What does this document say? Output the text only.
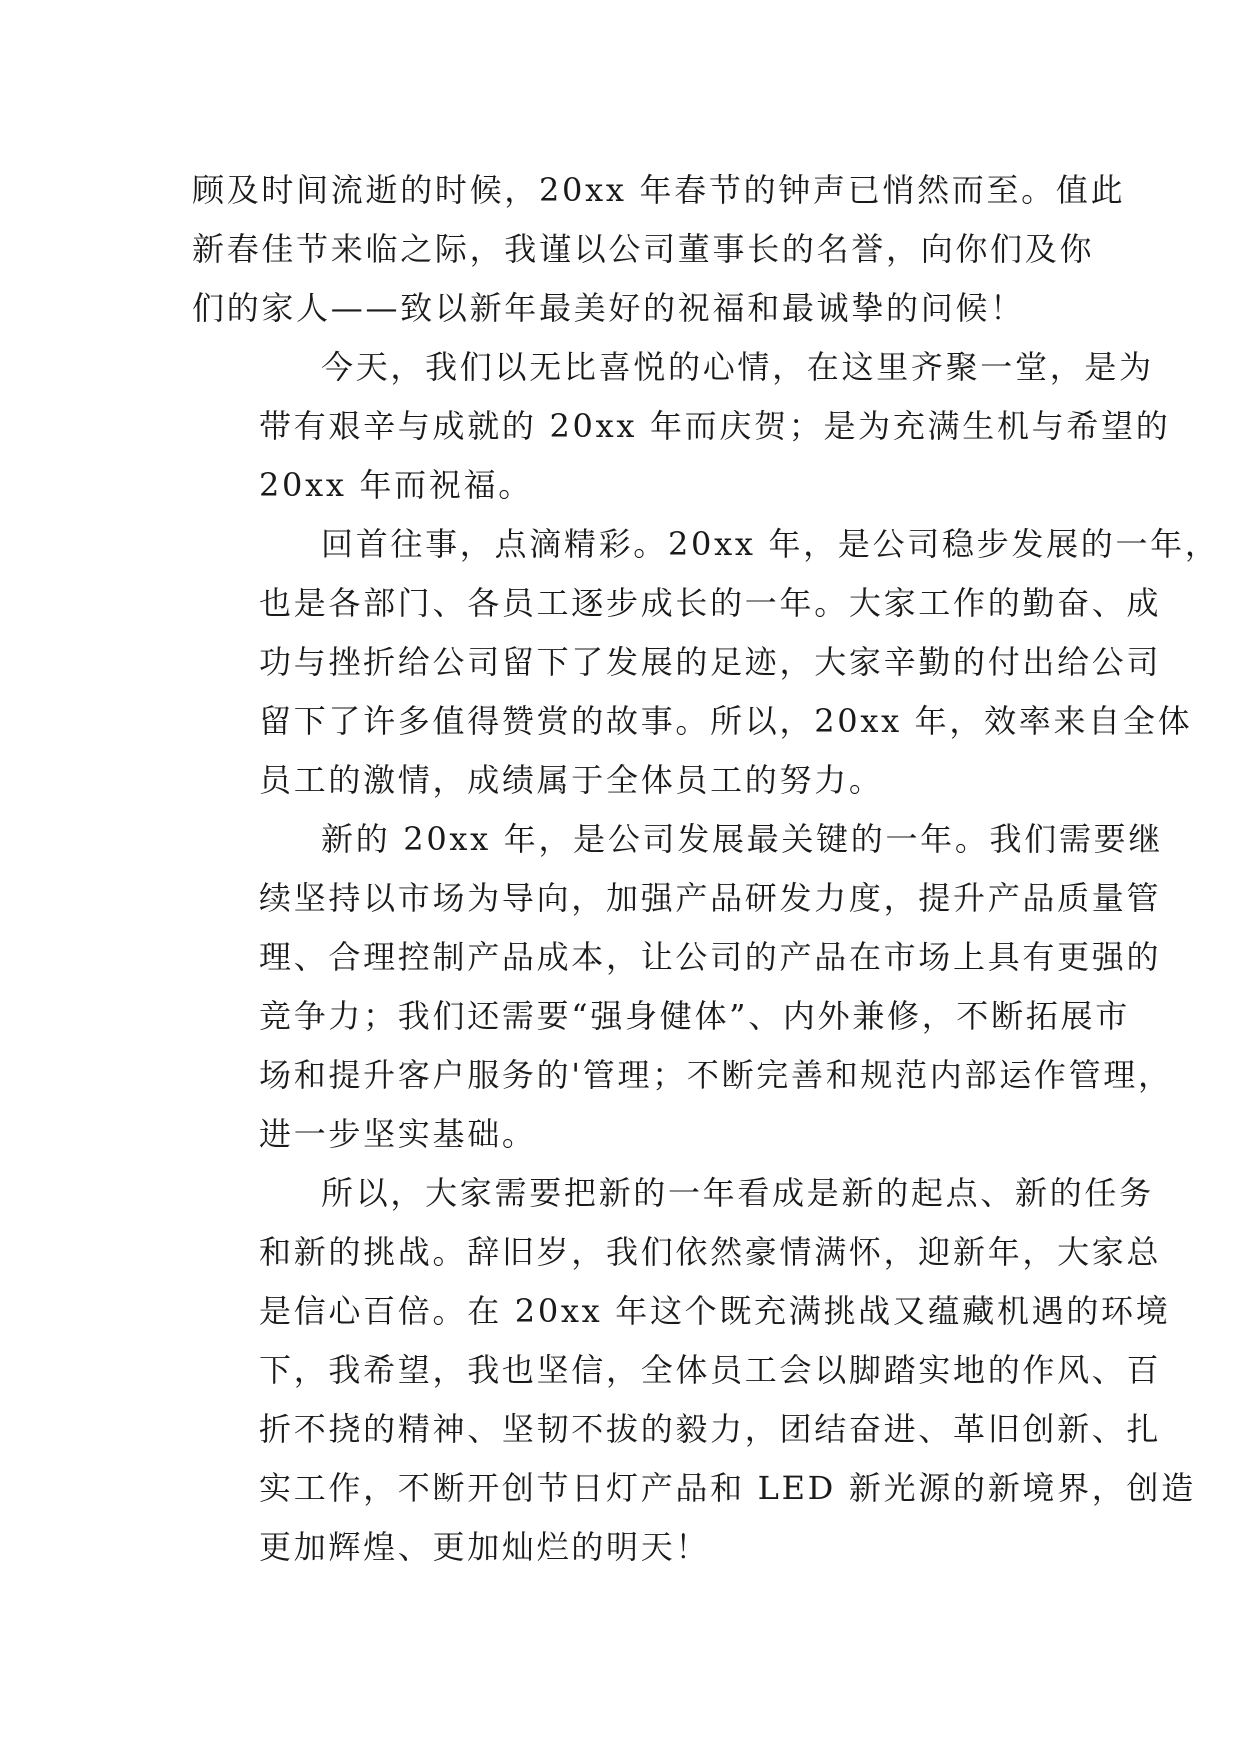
顾及时间流逝的时候，20xx 年春节的钟声已悄然而至。值此
新春佳节来临之际，我谨以公司董事长的名誉，向你们及你
们的家人——致以新年最美好的祝福和最诚挚的问候！

今天，我们以无比喜悦的心情，在这里齐聚一堂，是为
带有艰辛与成就的 20xx 年而庆贺；是为充满生机与希望的
20xx 年而祝福。

回首往事，点滴精彩。20xx 年，是公司稳步发展的一年，
也是各部门、各员工逐步成长的一年。大家工作的勤奋、成
功与挫折给公司留下了发展的足迹，大家辛勤的付出给公司
留下了许多值得赞赏的故事。所以，20xx 年，效率来自全体
员工的激情，成绩属于全体员工的努力。

新的 20xx 年，是公司发展最关键的一年。我们需要继
续坚持以市场为导向，加强产品研发力度，提升产品质量管
理、合理控制产品成本，让公司的产品在市场上具有更强的
竞争力；我们还需要“强身健体”、内外兼修，不断拓展市
场和提升客户服务的'管理；不断完善和规范内部运作管理，
进一步坚实基础。

所以，大家需要把新的一年看成是新的起点、新的任务
和新的挑战。辞旧岁，我们依然豪情满怀，迎新年，大家总
是信心百倍。在 20xx 年这个既充满挑战又蕴藏机遇的环境
下，我希望，我也坚信，全体员工会以脚踏实地的作风、百
折不挠的精神、坚韧不拔的毅力，团结奋进、革旧创新、扎
实工作，不断开创节日灯产品和 LED 新光源的新境界，创造
更加辉煌、更加灿烂的明天！
